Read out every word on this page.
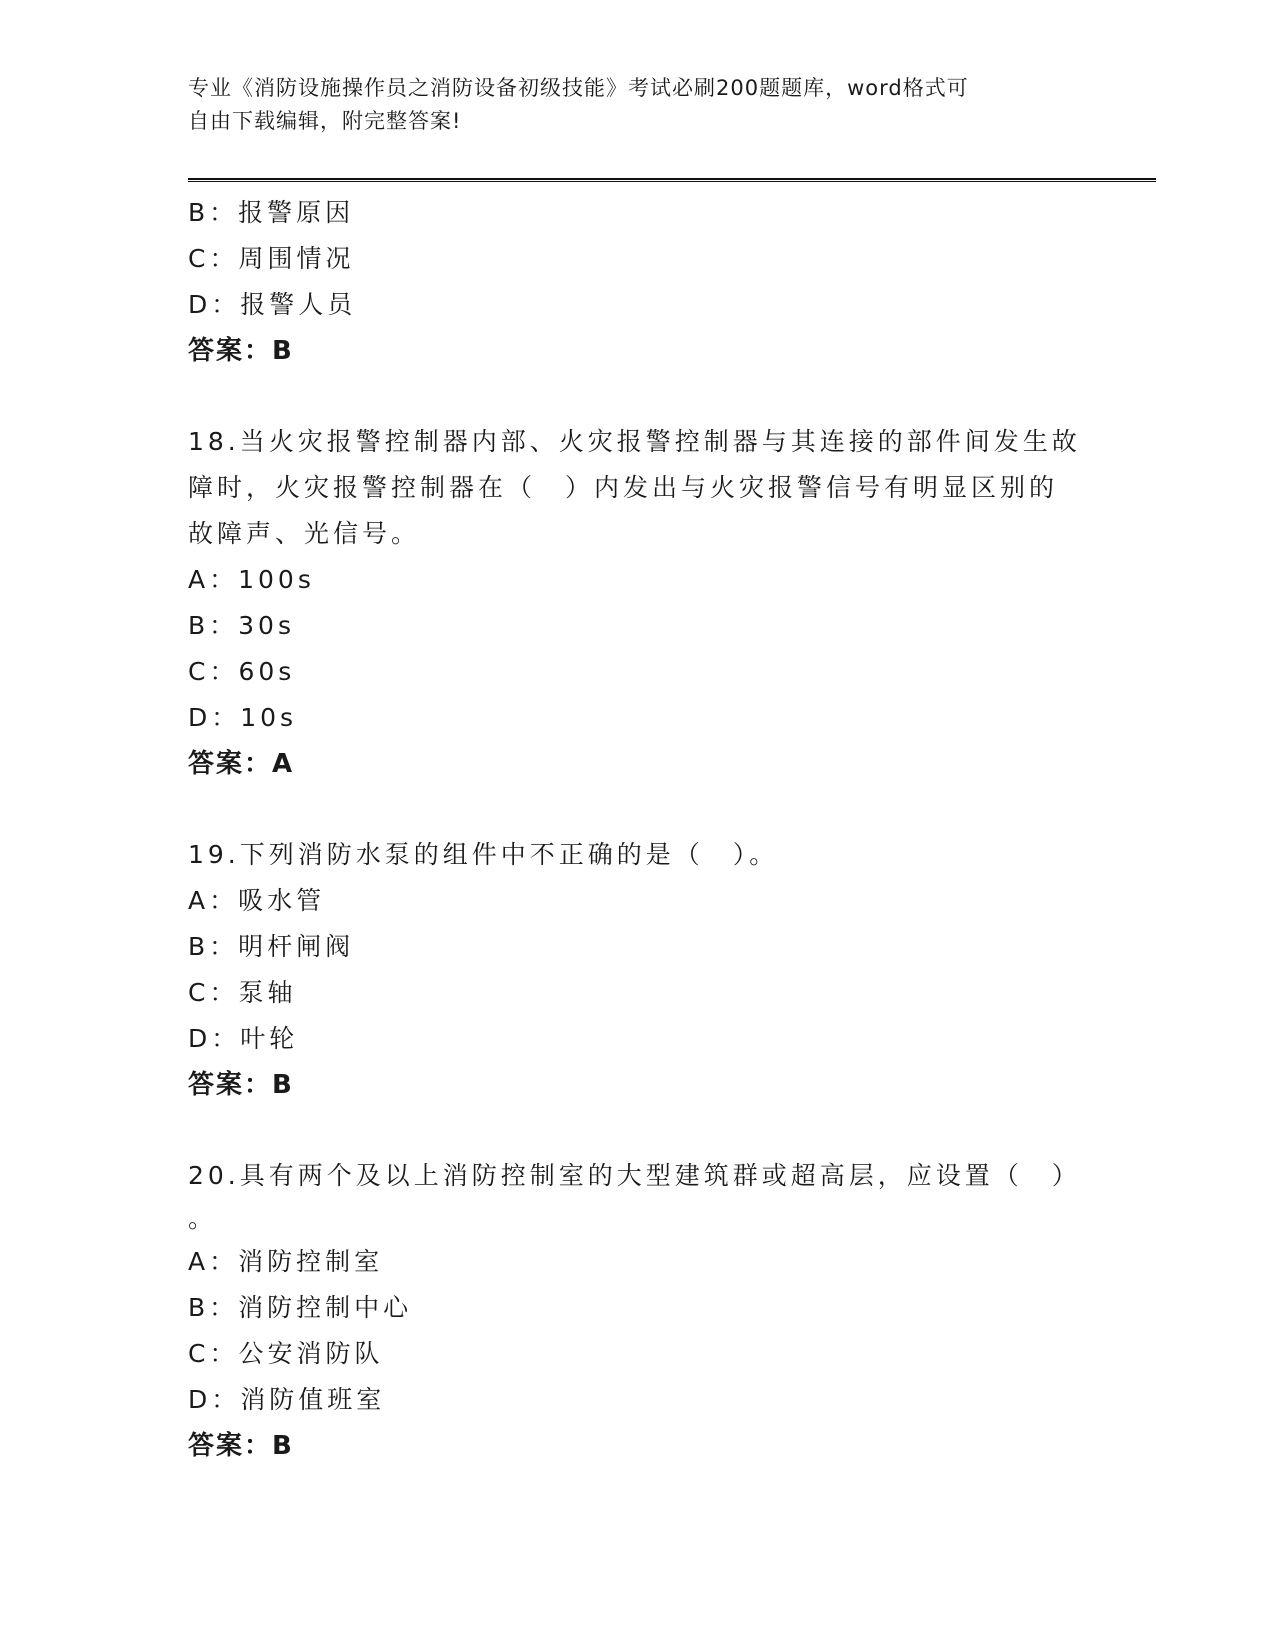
专业《消防设施操作员之消防设备初级技能》考试必刷200题题库，word格式可
自由下载编辑，附完整答案!
B：报警原因
C：周围情况
D：报警人员
答案：B
18.当火灾报警控制器内部、火灾报警控制器与其连接的部件间发生故
障时，火灾报警控制器在（　）内发出与火灾报警信号有明显区别的
故障声、光信号。
A：100s
B：30s
C：60s
D：10s
答案：A
19.下列消防水泵的组件中不正确的是（　）。
A：吸水管
B：明杆闸阀
C：泵轴
D：叶轮
答案：B
20.具有两个及以上消防控制室的大型建筑群或超高层，应设置（　）
。
A：消防控制室
B：消防控制中心
C：公安消防队
D：消防值班室
答案：B
